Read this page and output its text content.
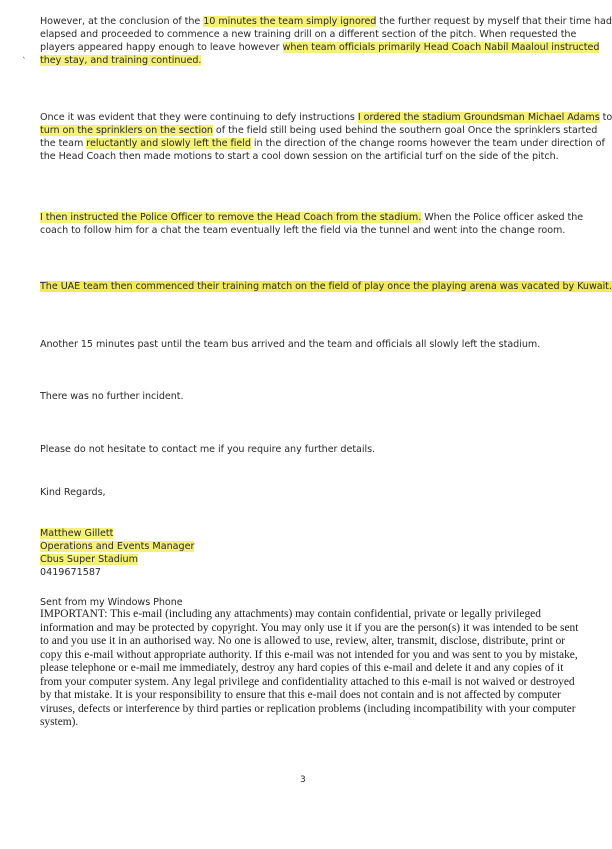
`
However, at the conclusion of the 10 minutes the team simply ignored the further request by myself that their time had
elapsed and proceeded to commence a new training drill on a different section of the pitch. When requested the
players appeared happy enough to leave however when team officials primarily Head Coach Nabil Maaloul instructed
they stay, and training continued.
Once it was evident that they were continuing to defy instructions I ordered the stadium Groundsman Michael Adams to
turn on the sprinklers on the section of the field still being used behind the southern goal Once the sprinklers started
the team reluctantly and slowly left the field in the direction of the change rooms however the team under direction of
the Head Coach then made motions to start a cool down session on the artificial turf on the side of the pitch.
I then instructed the Police Officer to remove the Head Coach from the stadium. When the Police officer asked the
coach to follow him for a chat the team eventually left the field via the tunnel and went into the change room.
The UAE team then commenced their training match on the field of play once the playing arena was vacated by Kuwait.
Another 15 minutes past until the team bus arrived and the team and officials all slowly left the stadium.
There was no further incident.
Please do not hesitate to contact me if you require any further details.
Kind Regards,
Matthew Gillett
Operations and Events Manager
Cbus Super Stadium
0419671587
Sent from my Windows Phone
IMPORTANT: This e-mail (including any attachments) may contain confidential, private or legally privileged information and may be protected by copyright. You may only use it if you are the person(s) it was intended to be sent to and you use it in an authorised way. No one is allowed to use, review, alter, transmit, disclose, distribute, print or copy this e-mail without appropriate authority. If this e-mail was not intended for you and was sent to you by mistake, please telephone or e-mail me immediately, destroy any hard copies of this e-mail and delete it and any copies of it from your computer system. Any legal privilege and confidentiality attached to this e-mail is not waived or destroyed by that mistake. It is your responsibility to ensure that this e-mail does not contain and is not affected by computer viruses, defects or interference by third parties or replication problems (including incompatibility with your computer system).
3
